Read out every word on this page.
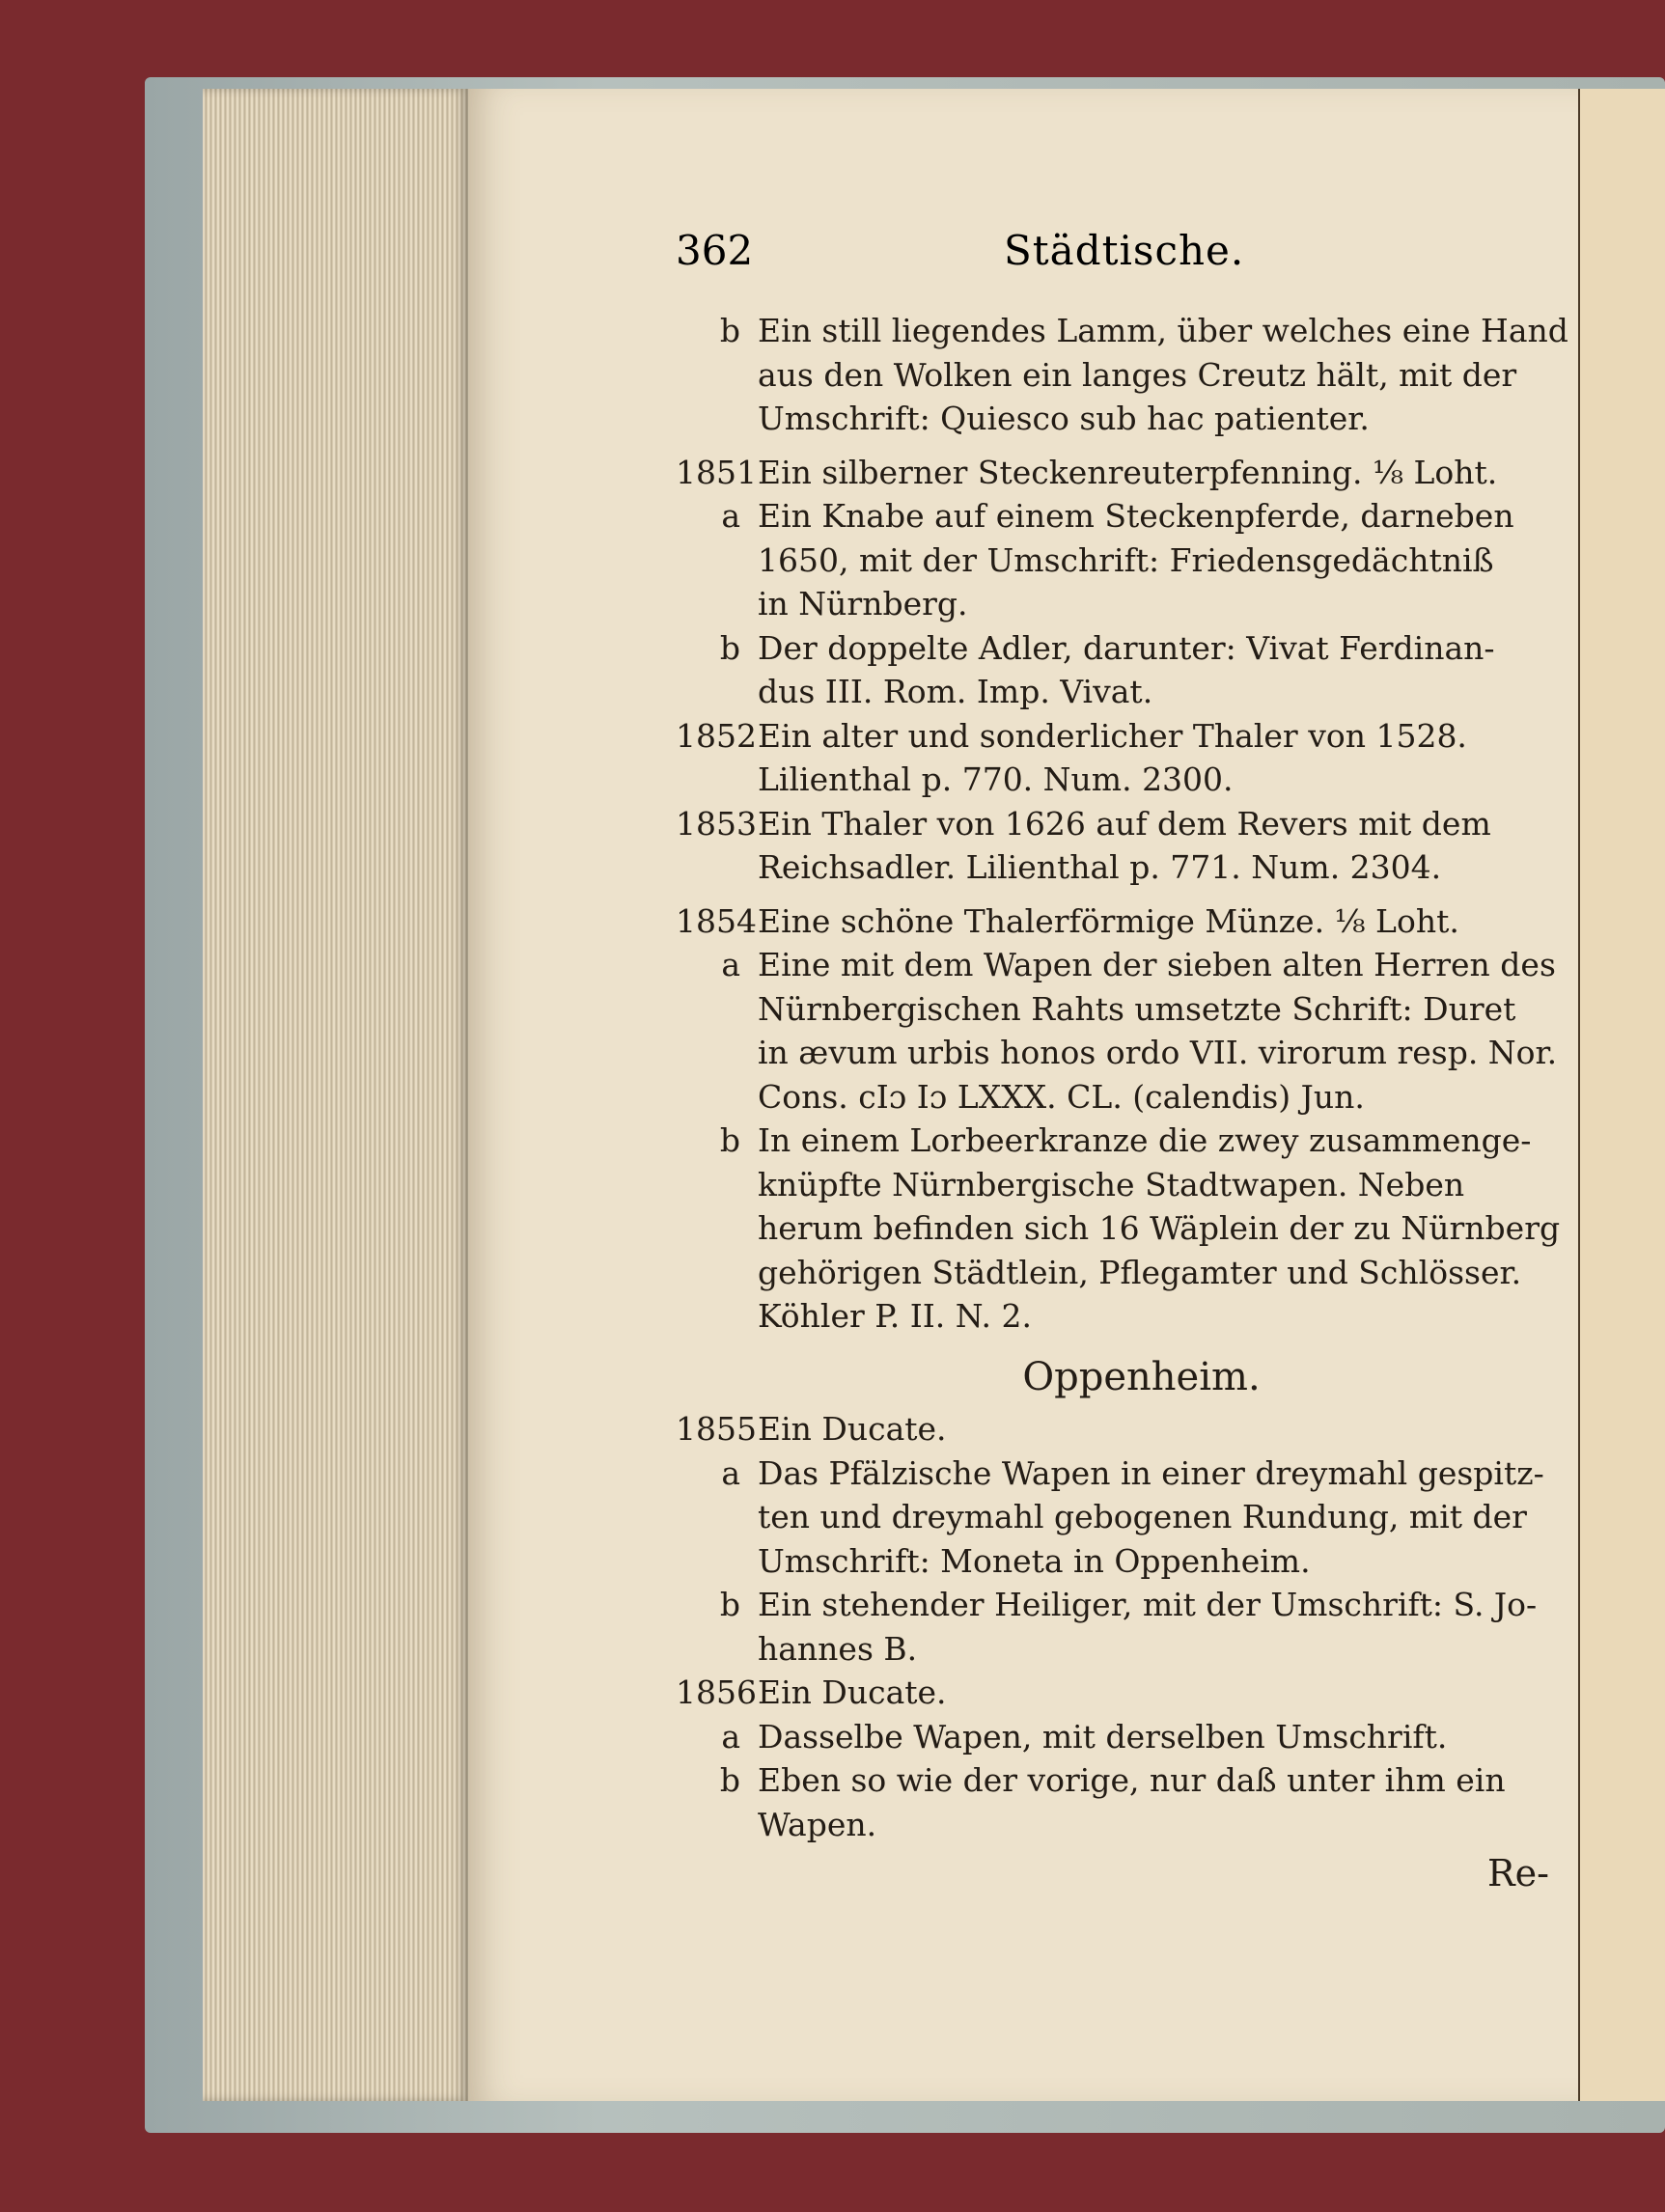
362	Städtische.
b Ein still liegendes Lamm, über welches eine Hand
aus den Wolken ein langes Creutz hält, mit der
Umschrift: Quiesco sub hac patienter.
1851 Ein silberner Steckenreuterpfenning. ⅛ Loht.
a Ein Knabe auf einem Steckenpferde, darneben
1650, mit der Umschrift: Friedensgedächtniß
in Nürnberg.
b Der doppelte Adler, darunter: Vivat Ferdinan-
dus III. Rom. Imp. Vivat.
1852 Ein alter und sonderlicher Thaler von 1528.
Lilienthal p. 770. Num. 2300.
1853 Ein Thaler von 1626 auf dem Revers mit dem
Reichsadler. Lilienthal p. 771. Num. 2304.
1854 Eine schöne Thalerförmige Münze. ⅛ Loht.
a Eine mit dem Wapen der sieben alten Herren des
Nürnbergischen Rahts umsetzte Schrift: Duret
in ævum urbis honos ordo VII. virorum resp. Nor.
Cons. cIɔ Iɔ LXXX. CL. (calendis) Jun.
b In einem Lorbeerkranze die zwey zusammenge-
knüpfte Nürnbergische Stadtwapen. Neben
herum befinden sich 16 Wäplein der zu Nürnberg
gehörigen Städtlein, Pflegamter und Schlösser.
Köhler P. II. N. 2.
Oppenheim.
1855 Ein Ducate.
a Das Pfälzische Wapen in einer dreymahl gespitz-
ten und dreymahl gebogenen Rundung, mit der
Umschrift: Moneta in Oppenheim.
b Ein stehender Heiliger, mit der Umschrift: S. Jo-
hannes B.
1856 Ein Ducate.
a Dasselbe Wapen, mit derselben Umschrift.
b Eben so wie der vorige, nur daß unter ihm ein
Wapen.
Re-
